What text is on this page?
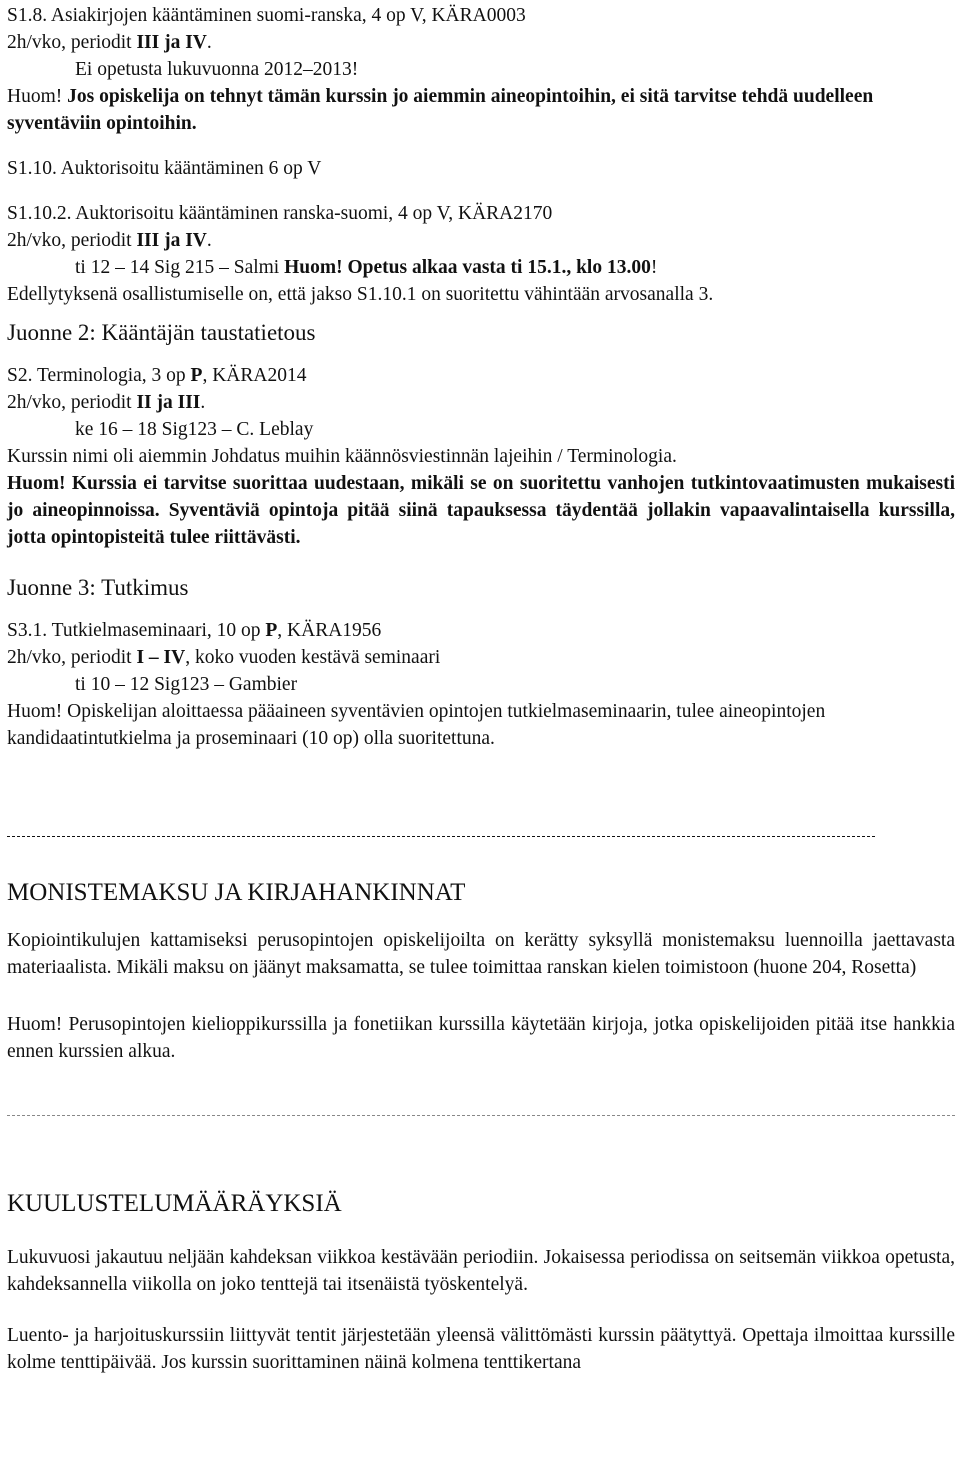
S1.8. Asiakirjojen kääntäminen suomi-ranska, 4 op V, KÄRA0003

2h/vko, periodit III ja IV.

Ei opetusta lukuvuonna 2012–2013!

Huom! Jos opiskelija on tehnyt tämän kurssin jo aiemmin aineopintoihin, ei sitä tarvitse tehdä uudelleen syventäviin opintoihin.

S1.10. Auktorisoitu kääntäminen 6 op V

S1.10.2. Auktorisoitu kääntäminen ranska-suomi, 4 op V, KÄRA2170

2h/vko, periodit III ja IV.

ti 12 – 14 Sig 215 – Salmi Huom! Opetus alkaa vasta ti 15.1., klo 13.00!

Edellytyksenä osallistumiselle on, että jakso S1.10.1 on suoritettu vähintään arvosanalla 3.

Juonne 2: Kääntäjän taustatietous

S2. Terminologia, 3 op P, KÄRA2014

2h/vko, periodit II ja III.

ke 16 – 18 Sig123 – C. Leblay

Kurssin nimi oli aiemmin Johdatus muihin käännösviestinnän lajeihin / Terminologia.

Huom! Kurssia ei tarvitse suorittaa uudestaan, mikäli se on suoritettu vanhojen tutkintovaatimusten mukaisesti jo aineopinnoissa. Syventäviä opintoja pitää siinä tapauksessa täydentää jollakin vapaavalintaisella kurssilla, jotta opintopisteitä tulee riittävästi.

Juonne 3: Tutkimus

S3.1. Tutkielmaseminaari, 10 op P, KÄRA1956

2h/vko, periodit I – IV, koko vuoden kestävä seminaari

ti 10 – 12 Sig123 – Gambier

Huom! Opiskelijan aloittaessa pääaineen syventävien opintojen tutkielmaseminaarin, tulee aineopintojen kandidaatintutkielma ja proseminaari (10 op) olla suoritettuna.

MONISTEMAKSU JA KIRJAHANKINNAT

Kopiointikulujen kattamiseksi perusopintojen opiskelijoilta on kerätty syksyllä monistemaksu luennoilla jaettavasta materiaalista. Mikäli maksu on jäänyt maksamatta, se tulee toimittaa ranskan kielen toimistoon (huone 204, Rosetta)

Huom! Perusopintojen kielioppikurssilla ja fonetiikan kurssilla käytetään kirjoja, jotka opiskelijoiden pitää itse hankkia ennen kurssien alkua.

KUULUSTELUMÄÄRÄYKSIÄ

Lukuvuosi jakautuu neljään kahdeksan viikkoa kestävään periodiin. Jokaisessa periodissa on seitsemän viikkoa opetusta, kahdeksannella viikolla on joko tenttejä tai itsenäistä työskentelyä.

Luento- ja harjoituskurssiin liittyvät tentit järjestetään yleensä välittömästi kurssin päätyttyä. Opettaja ilmoittaa kurssille kolme tenttipäivää. Jos kurssin suorittaminen näinä kolmena tenttikertana
